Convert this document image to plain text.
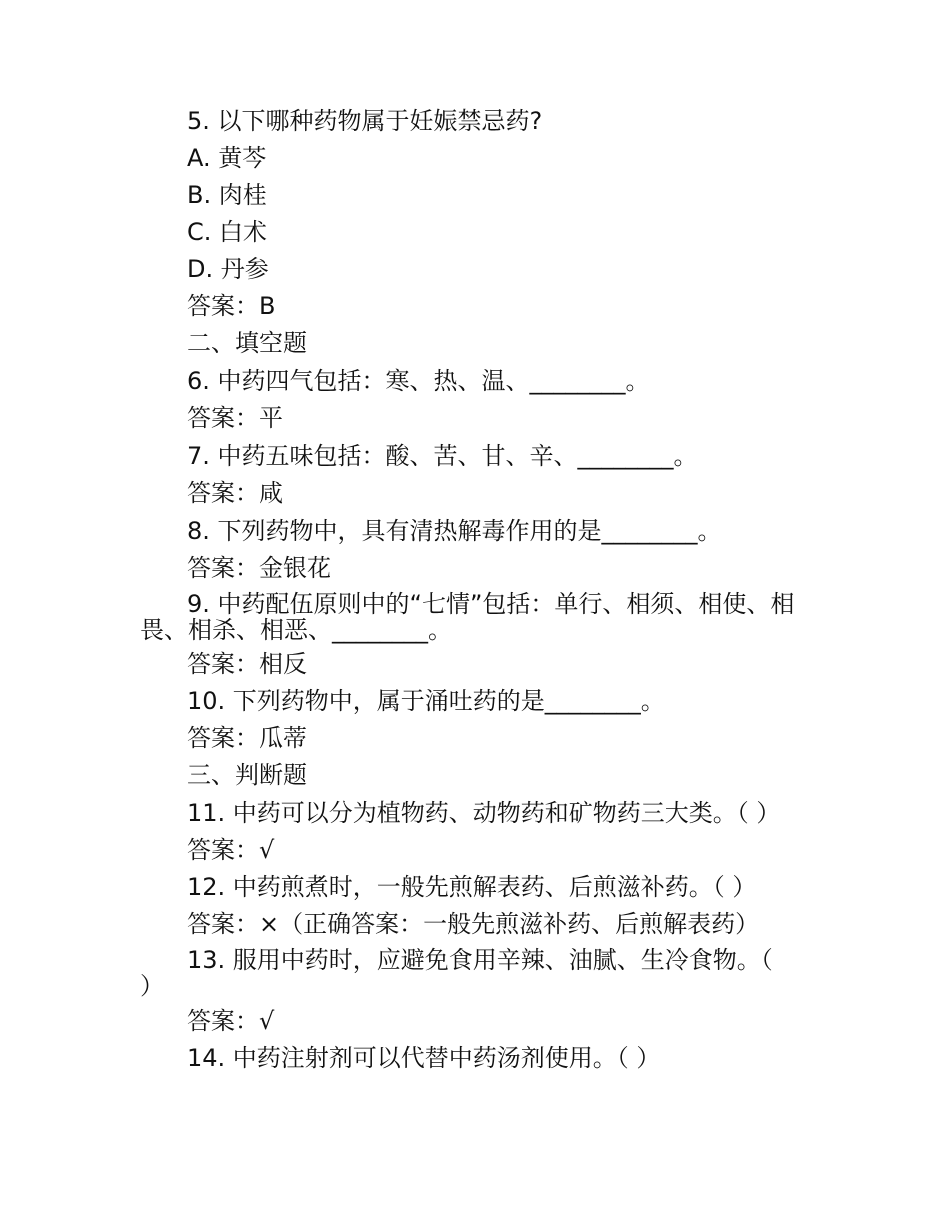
5. 以下哪种药物属于妊娠禁忌药?
A. 黄芩
B. 肉桂
C. 白术
D. 丹参
答案：B
二、填空题
6. 中药四气包括：寒、热、温、________。
答案：平
7. 中药五味包括：酸、苦、甘、辛、________。
答案：咸
8. 下列药物中，具有清热解毒作用的是________。
答案：金银花
9. 中药配伍原则中的“七情”包括：单行、相须、相使、相畏、相杀、相恶、________。
答案：相反
10. 下列药物中，属于涌吐药的是________。
答案：瓜蒂
三、判断题
11. 中药可以分为植物药、动物药和矿物药三大类。（ ）
答案：√
12. 中药煎煮时，一般先煎解表药、后煎滋补药。（ ）
答案：×（正确答案：一般先煎滋补药、后煎解表药）
13. 服用中药时，应避免食用辛辣、油腻、生冷食物。（ ）
答案：√
14. 中药注射剂可以代替中药汤剂使用。（ ）
